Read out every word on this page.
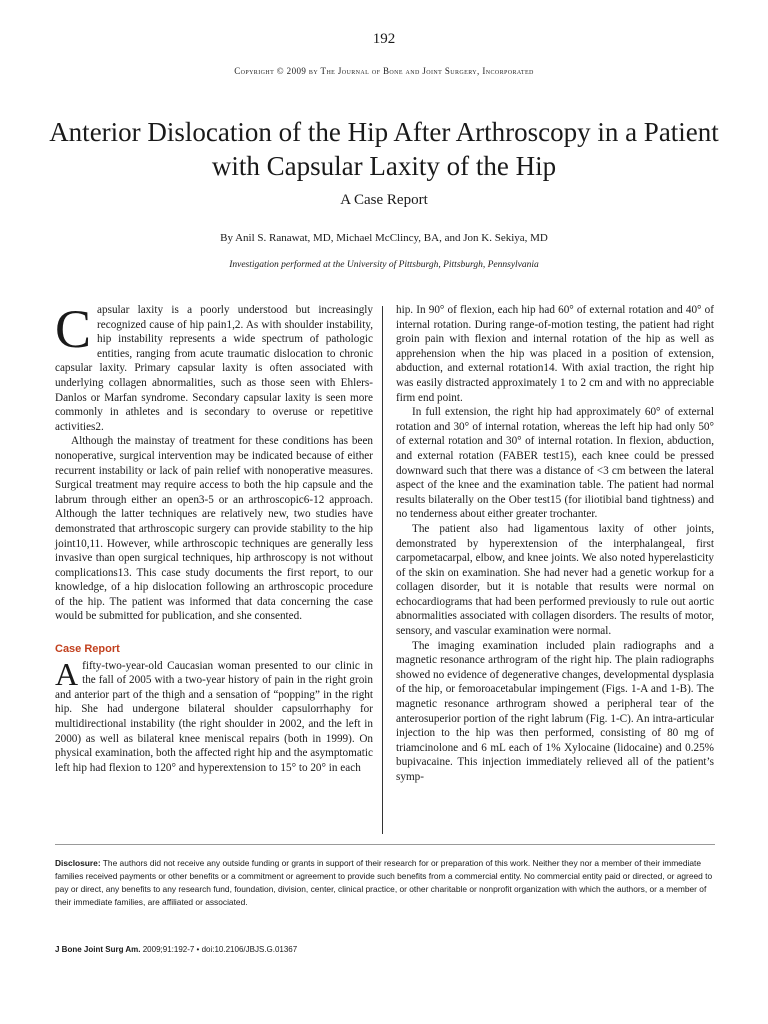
192
Copyright © 2009 by The Journal of Bone and Joint Surgery, Incorporated
Anterior Dislocation of the Hip After Arthroscopy in a Patient with Capsular Laxity of the Hip
A Case Report
By Anil S. Ranawat, MD, Michael McClincy, BA, and Jon K. Sekiya, MD
Investigation performed at the University of Pittsburgh, Pittsburgh, Pennsylvania

Capsular laxity is a poorly understood but increasingly recognized cause of hip pain1,2. As with shoulder instability, hip instability represents a wide spectrum of pathologic entities, ranging from acute traumatic dislocation to chronic capsular laxity. Primary capsular laxity is often associated with underlying collagen abnormalities, such as those seen with Ehlers-Danlos or Marfan syndrome. Secondary capsular laxity is seen more commonly in athletes and is secondary to overuse or repetitive activities2.

Although the mainstay of treatment for these conditions has been nonoperative, surgical intervention may be indicated because of either recurrent instability or lack of pain relief with nonoperative measures. Surgical treatment may require access to both the hip capsule and the labrum through either an open3-5 or an arthroscopic6-12 approach. Although the latter techniques are relatively new, two studies have demonstrated that arthroscopic surgery can provide stability to the hip joint10,11. However, while arthroscopic techniques are generally less invasive than open surgical techniques, hip arthroscopy is not without complications13. This case study documents the first report, to our knowledge, of a hip dislocation following an arthroscopic procedure of the hip. The patient was informed that data concerning the case would be submitted for publication, and she consented.

Case Report

A fifty-two-year-old Caucasian woman presented to our clinic in the fall of 2005 with a two-year history of pain in the right groin and anterior part of the thigh and a sensation of “popping” in the right hip. She had undergone bilateral shoulder capsulorrhaphy for multidirectional instability (the right shoulder in 2002, and the left in 2000) as well as bilateral knee meniscal repairs (both in 1999). On physical examination, both the affected right hip and the asymptomatic left hip had flexion to 120° and hyperextension to 15° to 20° in each

hip. In 90° of flexion, each hip had 60° of external rotation and 40° of internal rotation. During range-of-motion testing, the patient had right groin pain with flexion and internal rotation of the hip as well as apprehension when the hip was placed in a position of extension, abduction, and external rotation14. With axial traction, the right hip was easily distracted approximately 1 to 2 cm and with no appreciable firm end point.

In full extension, the right hip had approximately 60° of external rotation and 30° of internal rotation, whereas the left hip had only 50° of external rotation and 30° of internal rotation. In flexion, abduction, and external rotation (FABER test15), each knee could be pressed downward such that there was a distance of <3 cm between the lateral aspect of the knee and the examination table. The patient had normal results bilaterally on the Ober test15 (for iliotibial band tightness) and no tenderness about either greater trochanter.

The patient also had ligamentous laxity of other joints, demonstrated by hyperextension of the interphalangeal, first carpometacarpal, elbow, and knee joints. We also noted hyperelasticity of the skin on examination. She had never had a genetic workup for a collagen disorder, but it is notable that results were normal on echocardiograms that had been performed previously to rule out aortic abnormalities associated with collagen disorders. The results of motor, sensory, and vascular examination were normal.

The imaging examination included plain radiographs and a magnetic resonance arthrogram of the right hip. The plain radiographs showed no evidence of degenerative changes, developmental dysplasia of the hip, or femoroacetabular impingement (Figs. 1-A and 1-B). The magnetic resonance arthrogram showed a peripheral tear of the anterosuperior portion of the right labrum (Fig. 1-C). An intra-articular injection to the hip was then performed, consisting of 80 mg of triamcinolone and 6 mL each of 1% Xylocaine (lidocaine) and 0.25% bupivacaine. This injection immediately relieved all of the patient’s symp-

Disclosure: The authors did not receive any outside funding or grants in support of their research for or preparation of this work. Neither they nor a member of their immediate families received payments or other benefits or a commitment or agreement to provide such benefits from a commercial entity. No commercial entity paid or directed, or agreed to pay or direct, any benefits to any research fund, foundation, division, center, clinical practice, or other charitable or nonprofit organization with which the authors, or a member of their immediate families, are affiliated or associated.
J Bone Joint Surg Am. 2009;91:192-7 • doi:10.2106/JBJS.G.01367
